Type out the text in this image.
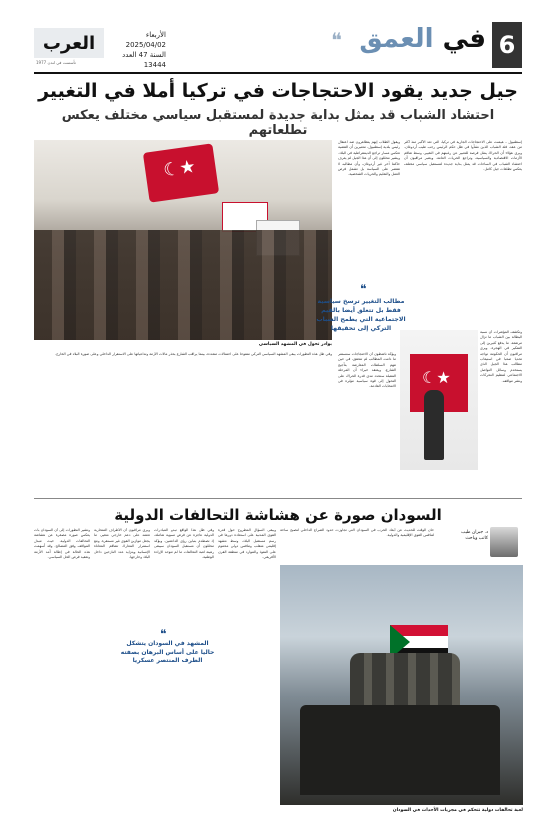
العرب
تأسست في لندن 1977
الأربعاء 2025/04/02
السنة 47 العدد 13444
❝	في العمق	6
جيل جديد يقود الاحتجاجات في تركيا أملا في التغيير
احتشاد الشباب قد يمثل بداية جديدة لمستقبل سياسي مختلف يعكس تطلعاتهم
☾★
بوادر تحول في المشهد السياسي
ويقول الطلاب إنهم يتظاهرون ضد اعتقال رئيس بلدية إسطنبول، معتبرين أن القضية تعكس مسار تراجع الديمقراطية في البلاد. ويشير محللون إلى أن هذا الجيل لم يعرف حاكما آخر غير أردوغان، وأن مطالبه لا تقتصر على السياسة بل تشمل فرص العمل والتعليم والحريات الشخصية.
إسطنبول – هيمنت على الاحتجاجات الجارية في تركيا، التي تعد الأكبر منذ أكثر من عقد، فئة الشباب الذين نشأوا في ظل حكم الرئيس رجب طيب أردوغان. ويرى هؤلاء أن الحراك يمثل فرصة للتعبير عن رغبتهم في التغيير، وسط تفاقم الأزمات الاقتصادية والسياسية، وتراجع الحريات العامة. ويعتبر مراقبون أن احتشاد الشباب في الساحات قد يمثل بداية جديدة لمستقبل سياسي مختلف يعكس تطلعات جيل كامل.
❝
مطالب التغيير ترسخ سياسية فقط بل تتعلق أيضا بالقيم الاجتماعية التي يطمح الشباب التركي إلى تحقيقها	وتكشف المؤشرات أن نسبة البطالة بين الشباب ما تزال مرتفعة، ما يدفع كثيرين إلى التفكير في الهجرة. ويرى مراقبون أن الحكومة تواجه تحديا صعبا في استيعاب مطالب هذا الجيل الذي يستخدم وسائل التواصل الاجتماعي لتنظيم التحركات ونشر مواقفه.
☾★
ويؤكد ناشطون أن الاحتجاجات ستستمر ما دامت المطالب لم تتحقق، في حين تتهم السلطات المعارضة بتأجيج الشارع. ويعتقد خبراء أن المرحلة المقبلة ستحدد مدى قدرة الحراك على التحول إلى قوة سياسية مؤثرة في الانتخابات القادمة.
وفي ظل هذه التطورات يبقى المشهد السياسي التركي مفتوحا على احتمالات متعددة، بينما يراقب الشارع بحذر مآلات الأزمة وتداعياتها على الاستقرار الداخلي وعلى صورة البلاد في الخارج.
السودان صورة عن هشاشة التحالفات الدولية
د. جبران طيب
كاتب وباحث
حان الوقت للحديث عن أبعاد الحرب في السودان التي تجاوزت حدود الصراع الداخلي لتصبح ساحة لتنافس القوى الإقليمية والدولية.
وتشير التطورات إلى أن السودان بات يعكس صورة مصغرة عن هشاشة التحالفات الدولية، حيث تتبدل المواقف وفق المصالح. وقد أسهمت هذه الحالة في إطالة أمد الأزمة وتعقيد فرص الحل السياسي.
ويرى مراقبون أن الأطراف المتحاربة تعتمد على دعم خارجي متغير، ما يجعل موازين القوى غير مستقرة. ومع استمرار المعارك تتفاقم المعاناة الإنسانية ويتزايد عدد النازحين داخل البلاد وخارجها.
وفي ظل هذا الواقع تبدو المبادرات الدولية عاجزة عن فرض تسوية شاملة، إذ تصطدم بتباين رؤى الداعمين. ويؤكد محللون أن مستقبل السودان سيبقى رهينة لعبة التحالفات ما لم تتوحد الإرادة الوطنية.
ويبقى السؤال المطروح حول قدرة القوى المدنية على استعادة دورها في رسم مستقبل البلاد، وسط مشهد إقليمي متقلب وتنافس دولي محموم على النفوذ والموارد في منطقة القرن الأفريقي.
❝
المشهد في السودان يتشكل حاليا على أساس البرهان بصفته الطرف المنتصر عسكريا
لعبة تحالفات دولية تتحكم في مجريات الأحداث في السودان
